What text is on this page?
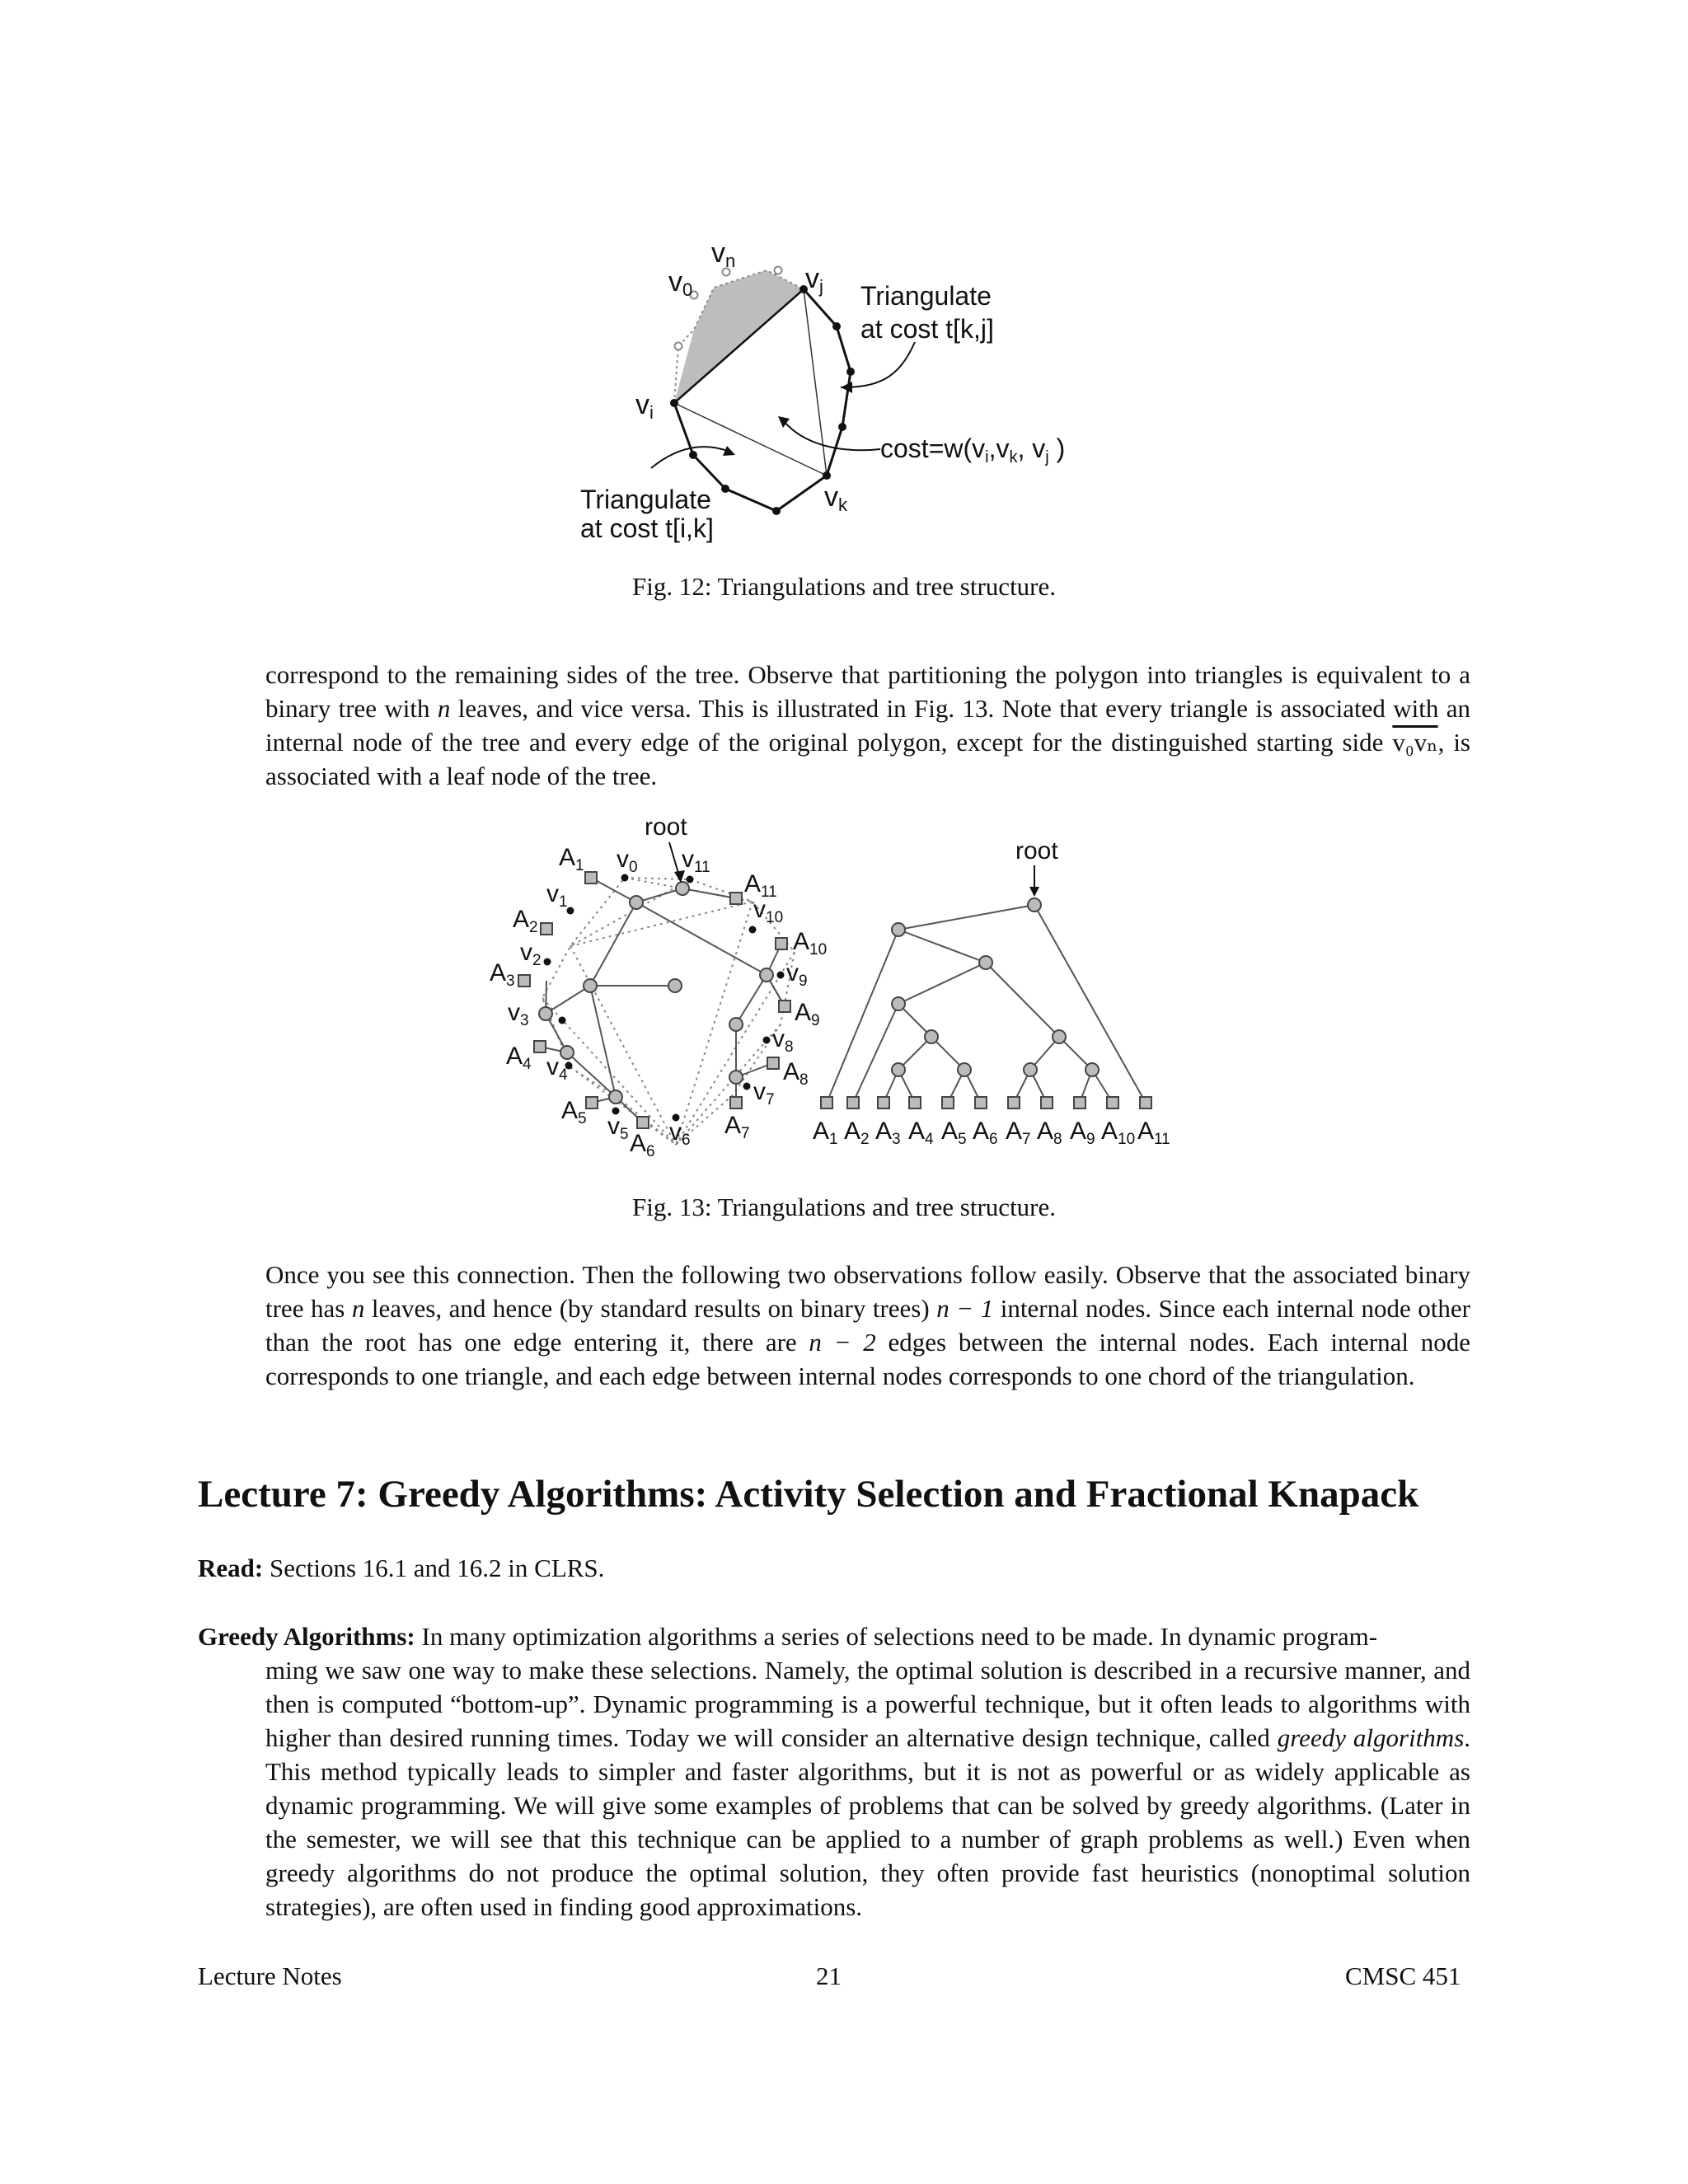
vn
v0	vj
vi
vk
Triangulate
at cost t[k,j]
Triangulate
at cost t[i,k]
cost=w(vi,vk, vj )
Fig. 12: Triangulations and tree structure.
correspond to the remaining sides of the tree. Observe that partitioning the polygon into triangles is equivalent to a binary tree with n leaves, and vice versa. This is illustrated in Fig. 13. Note that every triangle is associated with an internal node of the tree and every edge of the original polygon, except for the distinguished starting side v₀vₙ, is associated with a leaf node of the tree.
root
$A_1$ $v_0$ $v_{11}$
$v_1$
$A_{11}$
$v_{10}$
$A_2$
$A_{10}$
$v_2$
$A_3$	$v_9$
$v_3$	$A_9$
$A_4$
$v_8$
$v_4$	$A_8$
$A_5$
$v_7$
$v_5$ $v_6$
$A_7$
$A_6$
root
$A_1$ $A_2$ $A_3$ $A_4$ $A_5$ $A_6$ $A_7$ $A_8$ $A_9$ $A_{10}$ $A_{11}$
Fig. 13: Triangulations and tree structure.
Once you see this connection. Then the following two observations follow easily. Observe that the associated binary tree has n leaves, and hence (by standard results on binary trees) n − 1 internal nodes. Since each internal node other than the root has one edge entering it, there are n − 2 edges between the internal nodes. Each internal node corresponds to one triangle, and each edge between internal nodes corresponds to one chord of the triangulation.
Lecture 7: Greedy Algorithms: Activity Selection and Fractional Knapack
Read: Sections 16.1 and 16.2 in CLRS.
Greedy Algorithms: In many optimization algorithms a series of selections need to be made. In dynamic program-
ming we saw one way to make these selections. Namely, the optimal solution is described in a recursive manner, and then is computed “bottom-up”. Dynamic programming is a powerful technique, but it often leads to algorithms with higher than desired running times. Today we will consider an alternative design technique, called greedy algorithms. This method typically leads to simpler and faster algorithms, but it is not as powerful or as widely applicable as dynamic programming. We will give some examples of problems that can be solved by greedy algorithms. (Later in the semester, we will see that this technique can be applied to a number of graph problems as well.) Even when greedy algorithms do not produce the optimal solution, they often provide fast heuristics (nonoptimal solution strategies), are often used in finding good approximations.
Lecture Notes	21	CMSC 451
